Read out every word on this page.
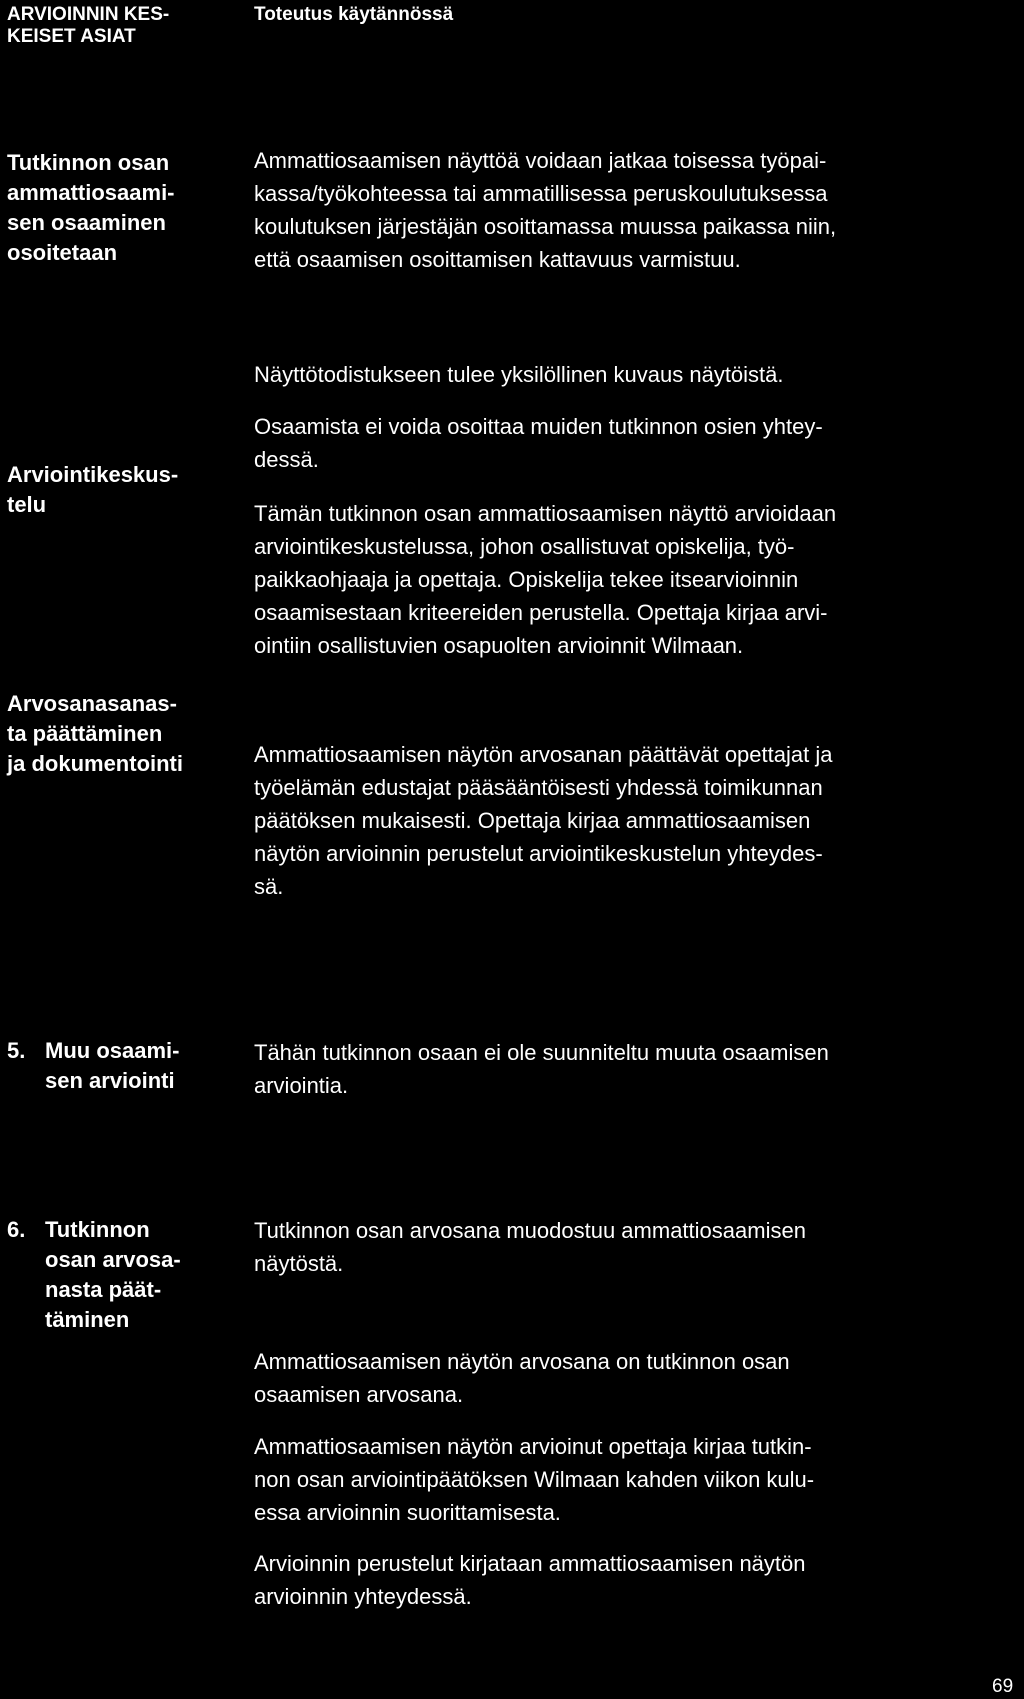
ARVIOINNIN KES-
KEISET ASIAT
Toteutus käytännössä
Tutkinnon osan
ammattiosaami-
sen osaaminen
osoitetaan
Ammattiosaamisen näyttöä voidaan jatkaa toisessa työpai-
kassa/työkohteessa tai ammatillisessa peruskoulutuksessa
koulutuksen järjestäjän osoittamassa muussa paikassa niin,
että osaamisen osoittamisen kattavuus varmistuu.
Näyttötodistukseen tulee yksilöllinen kuvaus näytöistä.
Osaamista ei voida osoittaa muiden tutkinnon osien yhtey-
dessä.
Arviointikeskus-
telu	Tämän tutkinnon osan ammattiosaamisen näyttö arvioidaan
arviointikeskustelussa, johon osallistuvat opiskelija, työ-
paikkaohjaaja ja opettaja. Opiskelija tekee itsearvioinnin
osaamisestaan kriteereiden perustella. Opettaja kirjaa arvi-
ointiin osallistuvien osapuolten arvioinnit Wilmaan.
Arvosanasanas-
ta päättäminen
ja dokumentointi	Ammattiosaamisen näytön arvosanan päättävät opettajat ja
työelämän edustajat pääsääntöisesti yhdessä toimikunnan
päätöksen mukaisesti. Opettaja kirjaa ammattiosaamisen
näytön arvioinnin perustelut arviointikeskustelun yhteydes-
sä.
5. Muu osaami-
sen arviointi
Tähän tutkinnon osaan ei ole suunniteltu muuta osaamisen
arviointia.
6. Tutkinnon
osan arvosa-
nasta päät-
täminen
Tutkinnon osan arvosana muodostuu ammattiosaamisen
näytöstä.
Ammattiosaamisen näytön arvosana on tutkinnon osan
osaamisen arvosana.
Ammattiosaamisen näytön arvioinut opettaja kirjaa tutkin-
non osan arviointipäätöksen Wilmaan kahden viikon kulu-
essa arvioinnin suorittamisesta.
Arvioinnin perustelut kirjataan ammattiosaamisen näytön
arvioinnin yhteydessä.
69
